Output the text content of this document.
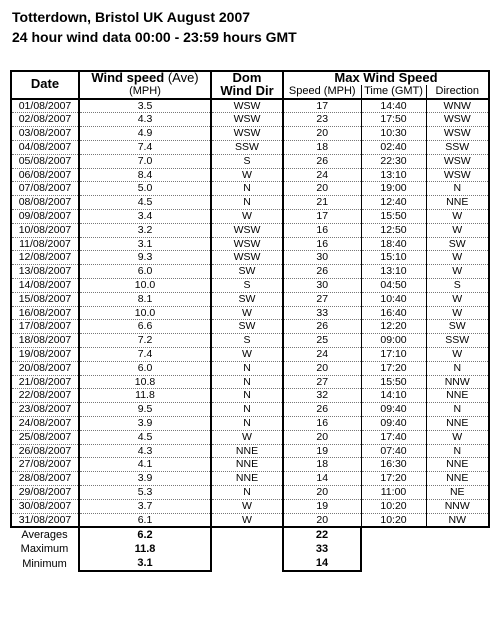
Totterdown, Bristol UK August 2007
24 hour wind data 00:00 - 23:59 hours GMT
Date	Wind speed (Ave)	Dom	Max Wind Speed		
	(MPH)	Wind Dir	Speed (MPH)	Time (GMT)	Direction
01/08/2007	3.5	WSW	17	14:40	WNW
02/08/2007	4.3	WSW	23	17:50	WSW
03/08/2007	4.9	WSW	20	10:30	WSW
04/08/2007	7.4	SSW	18	02:40	SSW
05/08/2007	7.0	S	26	22:30	WSW
06/08/2007	8.4	W	24	13:10	WSW
07/08/2007	5.0	N	20	19:00	N
08/08/2007	4.5	N	21	12:40	NNE
09/08/2007	3.4	W	17	15:50	W
10/08/2007	3.2	WSW	16	12:50	W
11/08/2007	3.1	WSW	16	18:40	SW
12/08/2007	9.3	WSW	30	15:10	W
13/08/2007	6.0	SW	26	13:10	W
14/08/2007	10.0	S	30	04:50	S
15/08/2007	8.1	SW	27	10:40	W
16/08/2007	10.0	W	33	16:40	W
17/08/2007	6.6	SW	26	12:20	SW
18/08/2007	7.2	S	25	09:00	SSW
19/08/2007	7.4	W	24	17:10	W
20/08/2007	6.0	N	20	17:20	N
21/08/2007	10.8	N	27	15:50	NNW
22/08/2007	11.8	N	32	14:10	NNE
23/08/2007	9.5	N	26	09:40	N
24/08/2007	3.9	N	16	09:40	NNE
25/08/2007	4.5	W	20	17:40	W
26/08/2007	4.3	NNE	19	07:40	N
27/08/2007	4.1	NNE	18	16:30	NNE
28/08/2007	3.9	NNE	14	17:20	NNE
29/08/2007	5.3	N	20	11:00	NE
30/08/2007	3.7	W	19	10:20	NNW
31/08/2007	6.1	W	20	10:20	NW
Averages	6.2		22		
Maximum	11.8		33		
Minimum	3.1		14		
